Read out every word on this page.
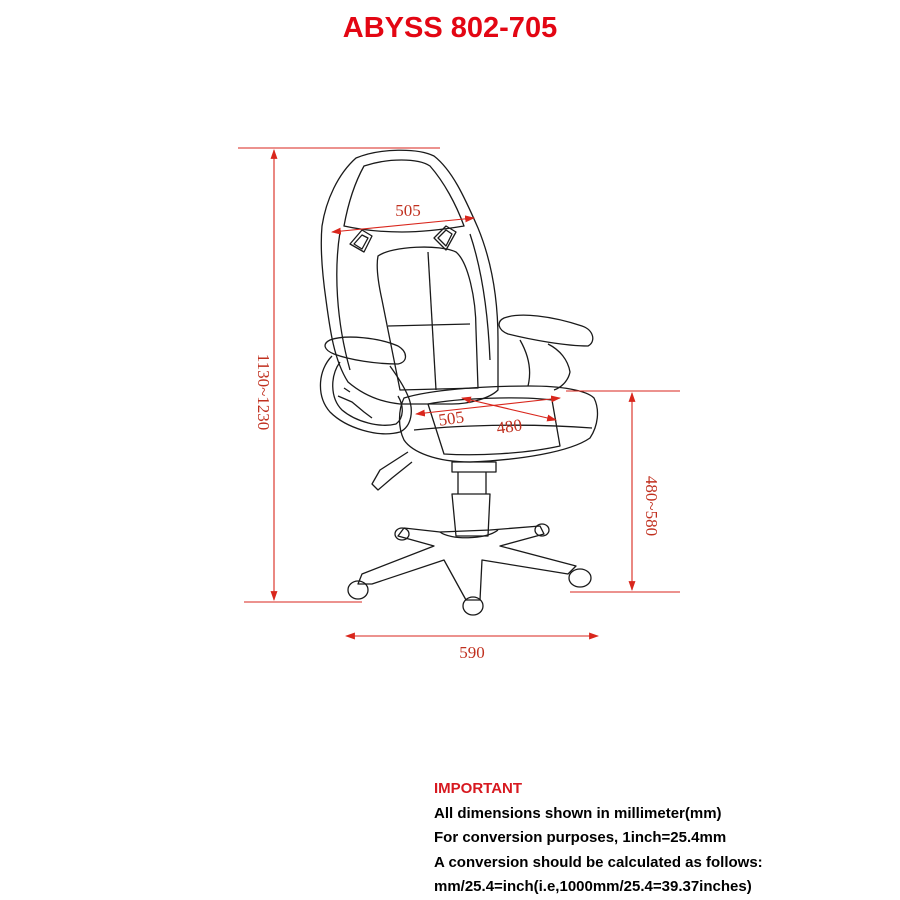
ABYSS 802-705
505
505 480
1130~1230
480~580
590
IMPORTANT
All dimensions shown in millimeter(mm)
For conversion purposes, 1inch=25.4mm
A conversion should be calculated as follows:
mm/25.4=inch(i.e,1000mm/25.4=39.37inches)
